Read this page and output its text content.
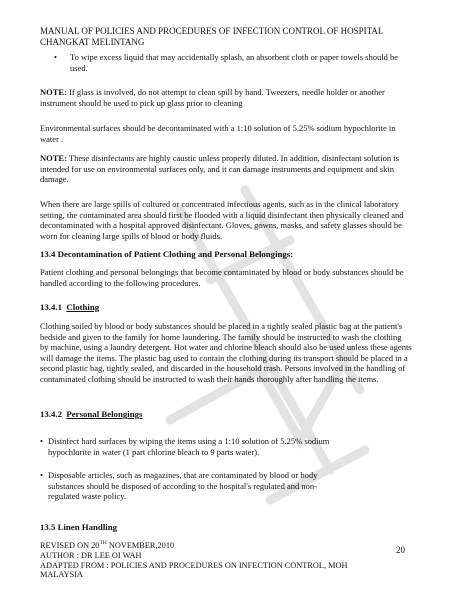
MANUAL OF POLICIES AND PROCEDURES OF INFECTION CONTROL OF HOSPITAL
CHANGKAT MELINTANG
•	To wipe excess liquid that may accidentally splash, an absorbent cloth or paper towels should be used.

NOTE: If glass is involved, do not attempt to clean spill by hand. Tweezers, needle holder or another instrument should be used to pick up glass prior to cleaning

Environmental surfaces should be decontaminated with a 1:10 solution of 5.25% sodium hypochlorite in water .

NOTE: These disinfectants are highly caustic unless properly diluted. In addition, disinfectant solution is intended for use on environmental surfaces only, and it can damage instruments and equipment and skin damage.

When there are large spills of cultured or concentrated infectious agents, such as in the clinical laboratory setting, the contaminated area should first be flooded with a liquid disinfectant then physically cleaned and decontaminated with a hospital approved disinfectant. Gloves, gowns, masks, and safety glasses should be worn for cleaning large spills of blood or body fluids.

13.4 Decontamination of Patient Clothing and Personal Belongings:

Patient clothing and personal belongings that become contaminated by blood or body substances should be handled according to the following procedures.

13.4.1 Clothing

Clothing soiled by blood or body substances should be placed in a tightly sealed plastic bag at the patient's bedside and given to the family for home laundering. The family should be instructed to wash the clothing by machine, using a laundry detergent. Hot water and chlorine bleach should also be used unless these agents will damage the items. The plastic bag used to contain the clothing during its transport should be placed in a second plastic bag, tightly sealed, and discarded in the household trash. Persons involved in the handling of contaminated clothing should be instructed to wash their hands thoroughly after handling the items.

13.4.2 Personal Belongings
• Disinfect hard surfaces by wiping the items using a 1:10 solution of 5.25% sodium
hypochlorite in water (1 part chlorine bleach to 9 parts water).
• Disposable articles, such as magazines, that are contaminated by blood or body
substances should be disposed of according to the hospital's regulated and non-
regulated waste policy.
13.5 Linen Handling
REVISED ON 20TH NOVEMBER,2010
AUTHOR : DR LEE OI WAH
ADAPTED FROM : POLICIES AND PROCEDURES ON INFECTION CONTROL, MOH
MALAYSIA
20
